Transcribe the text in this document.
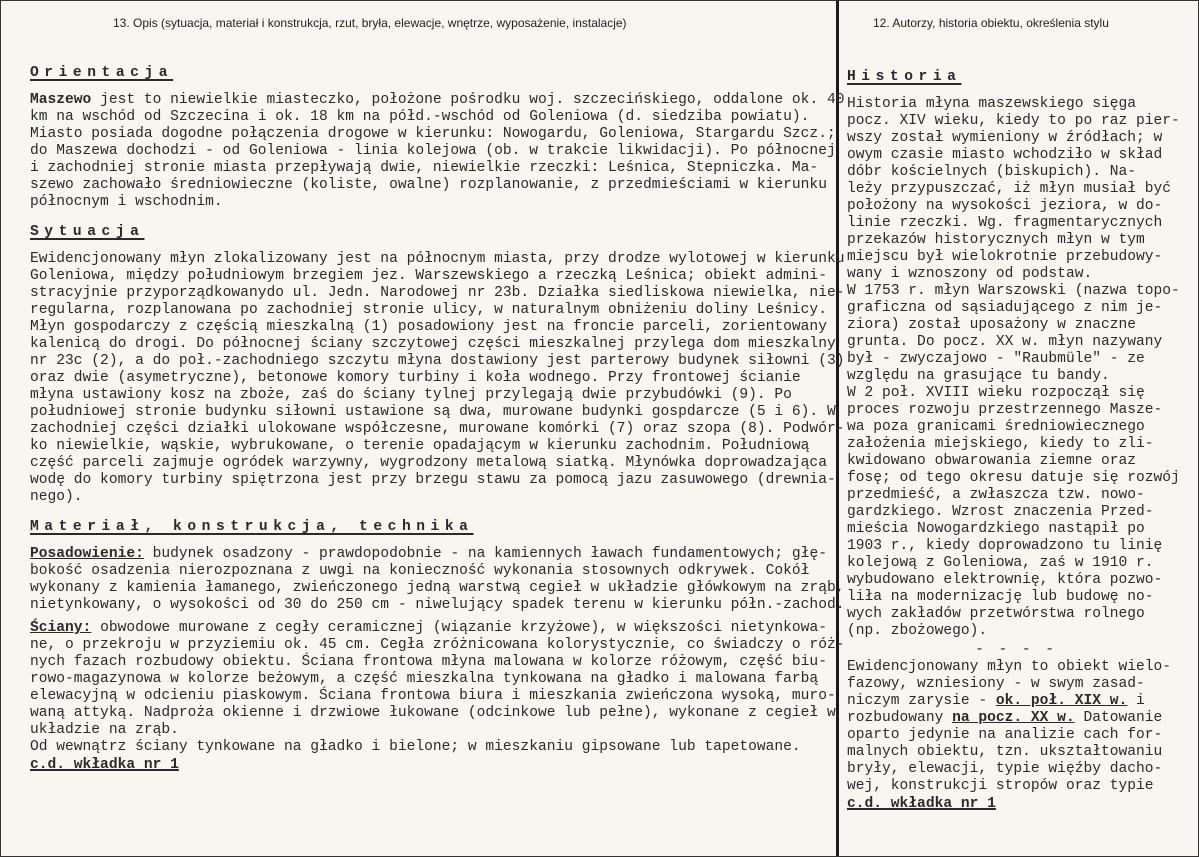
13. Opis (sytuacja, materiał i konstrukcja, rzut, bryła, elewacje, wnętrze, wyposażenie, instalacje)	12. Autorzy, historia obiektu, określenia stylu
Orientacja
Maszewo jest to niewielkie miasteczko, położone pośrodku woj. szczecińskiego, oddalone ok. 40
km na wschód od Szczecina i ok. 18 km na półd.-wschód od Goleniowa (d. siedziba powiatu).
Miasto posiada dogodne połączenia drogowe w kierunku: Nowogardu, Goleniowa, Stargardu Szcz.;
do Maszewa dochodzi - od Goleniowa - linia kolejowa (ob. w trakcie likwidacji). Po północnej
i zachodniej stronie miasta przepływają dwie, niewielkie rzeczki: Leśnica, Stepniczka. Ma-
szewo zachowało średniowieczne (koliste, owalne) rozplanowanie, z przedmieściami w kierunku
północnym i wschodnim.
Sytuacja
Ewidencjonowany młyn zlokalizowany jest na północnym miasta, przy drodze wylotowej w kierunku
Goleniowa, między południowym brzegiem jez. Warszewskiego a rzeczką Leśnica; obiekt admini-
stracyjnie przyporządkowanydo ul. Jedn. Narodowej nr 23b. Działka siedliskowa niewielka, nie-
regularna, rozplanowana po zachodniej stronie ulicy, w naturalnym obniżeniu doliny Leśnicy.
Młyn gospodarczy z częścią mieszkalną (1) posadowiony jest na froncie parceli, zorientowany
kalenicą do drogi. Do północnej ściany szczytowej części mieszkalnej przylega dom mieszkalny
nr 23c (2), a do poł.-zachodniego szczytu młyna dostawiony jest parterowy budynek siłowni (3)
oraz dwie (asymetryczne), betonowe komory turbiny i koła wodnego. Przy frontowej ścianie
młyna ustawiony kosz na zboże, zaś do ściany tylnej przylegają dwie przybudówki (9). Po
południowej stronie budynku siłowni ustawione są dwa, murowane budynki gospdarcze (5 i 6). W
zachodniej części działki ulokowane współczesne, murowane komórki (7) oraz szopa (8). Podwór-
ko niewielkie, wąskie, wybrukowane, o terenie opadającym w kierunku zachodnim. Południową
część parceli zajmuje ogródek warzywny, wygrodzony metalową siatką. Młynówka doprowadzająca
wodę do komory turbiny spiętrzona jest przy brzegu stawu za pomocą jazu zasuwowego (drewnia-
nego).
Materiał, konstrukcja, technika
Posadowienie: budynek osadzony - prawdopodobnie - na kamiennych ławach fundamentowych; głę-
bokość osadzenia nierozpoznana z uwgi na konieczność wykonania stosownych odkrywek. Cokół
wykonany z kamienia łamanego, zwieńczonego jedną warstwą cegieł w układzie główkowym na zrąb,
nietynkowany, o wysokości od 30 do 250 cm - niwelujący spadek terenu w kierunku półn.-zachod.
Ściany: obwodowe murowane z cegły ceramicznej (wiązanie krzyżowe), w większości nietynkowa-
ne, o przekroju w przyziemiu ok. 45 cm. Cegła zróżnicowana kolorystycznie, co świadczy o róż-
nych fazach rozbudowy obiektu. Ściana frontowa młyna malowana w kolorze różowym, część biu-
rowo-magazynowa w kolorze beżowym, a część mieszkalna tynkowana na gładko i malowana farbą
elewacyjną w odcieniu piaskowym. Ściana frontowa biura i mieszkania zwieńczona wysoką, muro-
waną attyką. Nadproża okienne i drzwiowe łukowane (odcinkowe lub pełne), wykonane z cegieł w
układzie na zrąb.
Od wewnątrz ściany tynkowane na gładko i bielone; w mieszkaniu gipsowane lub tapetowane.
c.d. wkładka nr 1
Historia
Historia młyna maszewskiego sięga
pocz. XIV wieku, kiedy to po raz pier-
wszy został wymieniony w źródłach; w
owym czasie miasto wchodziło w skład
dóbr kościelnych (biskupich). Na-
leży przypuszczać, iż młyn musiał być
położony na wysokości jeziora, w do-
linie rzeczki. Wg. fragmentarycznych
przekazów historycznych młyn w tym
miejscu był wielokrotnie przebudowy-
wany i wznoszony od podstaw.
W 1753 r. młyn Warszowski (nazwa topo-
graficzna od sąsiadującego z nim je-
ziora) został uposażony w znaczne
grunta. Do pocz. XX w. młyn nazywany
był - zwyczajowo - "Raubmüle" - ze
względu na grasujące tu bandy.
W 2 poł. XVIII wieku rozpoczął się
proces rozwoju przestrzennego Masze-
wa poza granicami średniowiecznego
założenia miejskiego, kiedy to zli-
kwidowano obwarowania ziemne oraz
fosę; od tego okresu datuje się rozwój
przedmieść, a zwłaszcza tzw. nowo-
gardzkiego. Wzrost znaczenia Przed-
mieścia Nowogardzkiego nastąpił po
1903 r., kiedy doprowadzono tu linię
kolejową z Goleniowa, zaś w 1910 r.
wybudowano elektrownię, która pozwo-
liła na modernizację lub budowę no-
wych zakładów przetwórstwa rolnego
(np. zbożowego).
- - - -
Ewidencjonowany młyn to obiekt wielo-
fazowy, wzniesiony - w swym zasad-
niczym zarysie - ok. poł. XIX w. i
rozbudowany na pocz. XX w. Datowanie
oparto jedynie na analizie cach for-
malnych obiektu, tzn. ukształtowaniu
bryły, elewacji, typie więźby dacho-
wej, konstrukcji stropów oraz typie
c.d. wkładka nr 1
